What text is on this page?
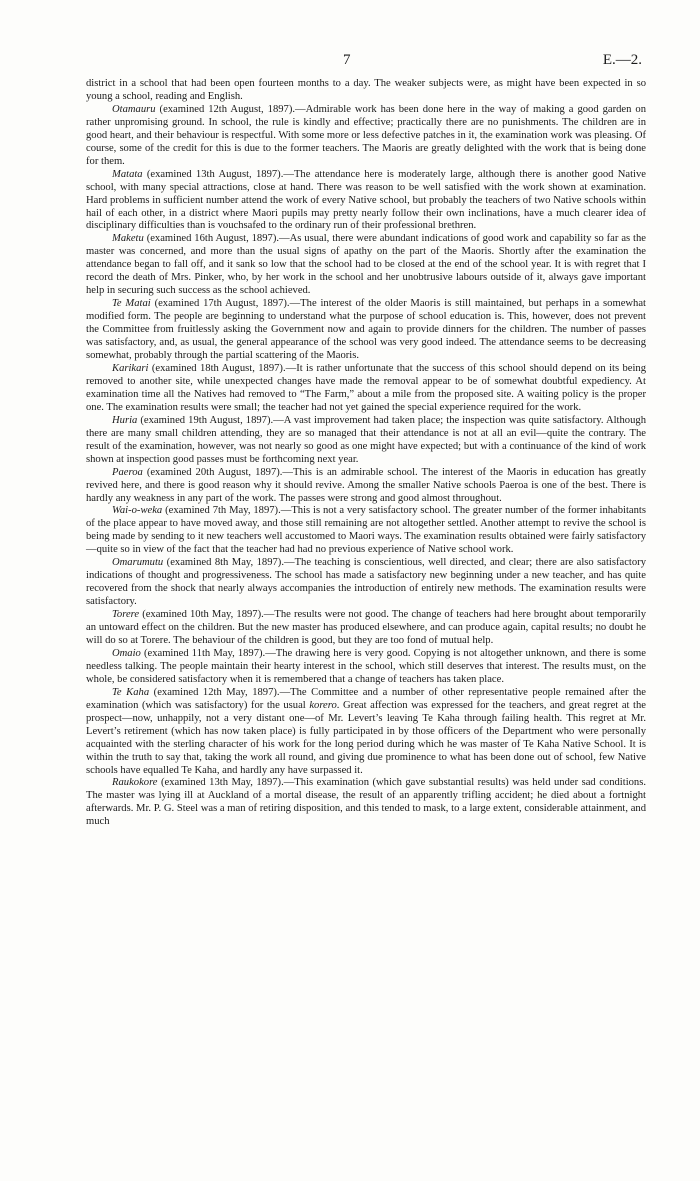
7	E.—2.

district in a school that had been open fourteen months to a day. The weaker subjects were, as might have been expected in so young a school, reading and English.

Otamauru (examined 12th August, 1897).—Admirable work has been done here in the way of making a good garden on rather unpromising ground. In school, the rule is kindly and effective; practically there are no punishments. The children are in good heart, and their behaviour is respectful. With some more or less defective patches in it, the examination work was pleasing. Of course, some of the credit for this is due to the former teachers. The Maoris are greatly delighted with the work that is being done for them.

Matata (examined 13th August, 1897).—The attendance here is moderately large, although there is another good Native school, with many special attractions, close at hand. There was reason to be well satisfied with the work shown at examination. Hard problems in sufficient number attend the work of every Native school, but probably the teachers of two Native schools within hail of each other, in a district where Maori pupils may pretty nearly follow their own inclinations, have a much clearer idea of disciplinary difficulties than is vouchsafed to the ordinary run of their professional brethren.

Maketu (examined 16th August, 1897).—As usual, there were abundant indications of good work and capability so far as the master was concerned, and more than the usual signs of apathy on the part of the Maoris. Shortly after the examination the attendance began to fall off, and it sank so low that the school had to be closed at the end of the school year. It is with regret that I record the death of Mrs. Pinker, who, by her work in the school and her unobtrusive labours outside of it, always gave important help in securing such success as the school achieved.

Te Matai (examined 17th August, 1897).—The interest of the older Maoris is still maintained, but perhaps in a somewhat modified form. The people are beginning to understand what the purpose of school education is. This, however, does not prevent the Committee from fruitlessly asking the Government now and again to provide dinners for the children. The number of passes was satisfactory, and, as usual, the general appearance of the school was very good indeed. The attendance seems to be decreasing somewhat, probably through the partial scattering of the Maoris.

Karikari (examined 18th August, 1897).—It is rather unfortunate that the success of this school should depend on its being removed to another site, while unexpected changes have made the removal appear to be of somewhat doubtful expediency. At examination time all the Natives had removed to “The Farm,” about a mile from the proposed site. A waiting policy is the proper one. The examination results were small; the teacher had not yet gained the special experience required for the work.

Huria (examined 19th August, 1897).—A vast improvement had taken place; the inspection was quite satisfactory. Although there are many small children attending, they are so managed that their attendance is not at all an evil—quite the contrary. The result of the examination, however, was not nearly so good as one might have expected; but with a continuance of the kind of work shown at inspection good passes must be forthcoming next year.

Paeroa (examined 20th August, 1897).—This is an admirable school. The interest of the Maoris in education has greatly revived here, and there is good reason why it should revive. Among the smaller Native schools Paeroa is one of the best. There is hardly any weakness in any part of the work. The passes were strong and good almost throughout.

Wai-o-weka (examined 7th May, 1897).—This is not a very satisfactory school. The greater number of the former inhabitants of the place appear to have moved away, and those still remaining are not altogether settled. Another attempt to revive the school is being made by sending to it new teachers well accustomed to Maori ways. The examination results obtained were fairly satisfactory—quite so in view of the fact that the teacher had had no previous experience of Native school work.

Omarumutu (examined 8th May, 1897).—The teaching is conscientious, well directed, and clear; there are also satisfactory indications of thought and progressiveness. The school has made a satisfactory new beginning under a new teacher, and has quite recovered from the shock that nearly always accompanies the introduction of entirely new methods. The examination results were satisfactory.

Torere (examined 10th May, 1897).—The results were not good. The change of teachers had here brought about temporarily an untoward effect on the children. But the new master has produced elsewhere, and can produce again, capital results; no doubt he will do so at Torere. The behaviour of the children is good, but they are too fond of mutual help.

Omaio (examined 11th May, 1897).—The drawing here is very good. Copying is not altogether unknown, and there is some needless talking. The people maintain their hearty interest in the school, which still deserves that interest. The results must, on the whole, be considered satisfactory when it is remembered that a change of teachers has taken place.

Te Kaha (examined 12th May, 1897).—The Committee and a number of other representative people remained after the examination (which was satisfactory) for the usual korero. Great affection was expressed for the teachers, and great regret at the prospect—now, unhappily, not a very distant one—of Mr. Levert’s leaving Te Kaha through failing health. This regret at Mr. Levert’s retirement (which has now taken place) is fully participated in by those officers of the Department who were personally acquainted with the sterling character of his work for the long period during which he was master of Te Kaha Native School. It is within the truth to say that, taking the work all round, and giving due prominence to what has been done out of school, few Native schools have equalled Te Kaha, and hardly any have surpassed it.

Raukokore (examined 13th May, 1897).—This examination (which gave substantial results) was held under sad conditions. The master was lying ill at Auckland of a mortal disease, the result of an apparently trifling accident; he died about a fortnight afterwards. Mr. P. G. Steel was a man of retiring disposition, and this tended to mask, to a large extent, considerable attainment, and much
